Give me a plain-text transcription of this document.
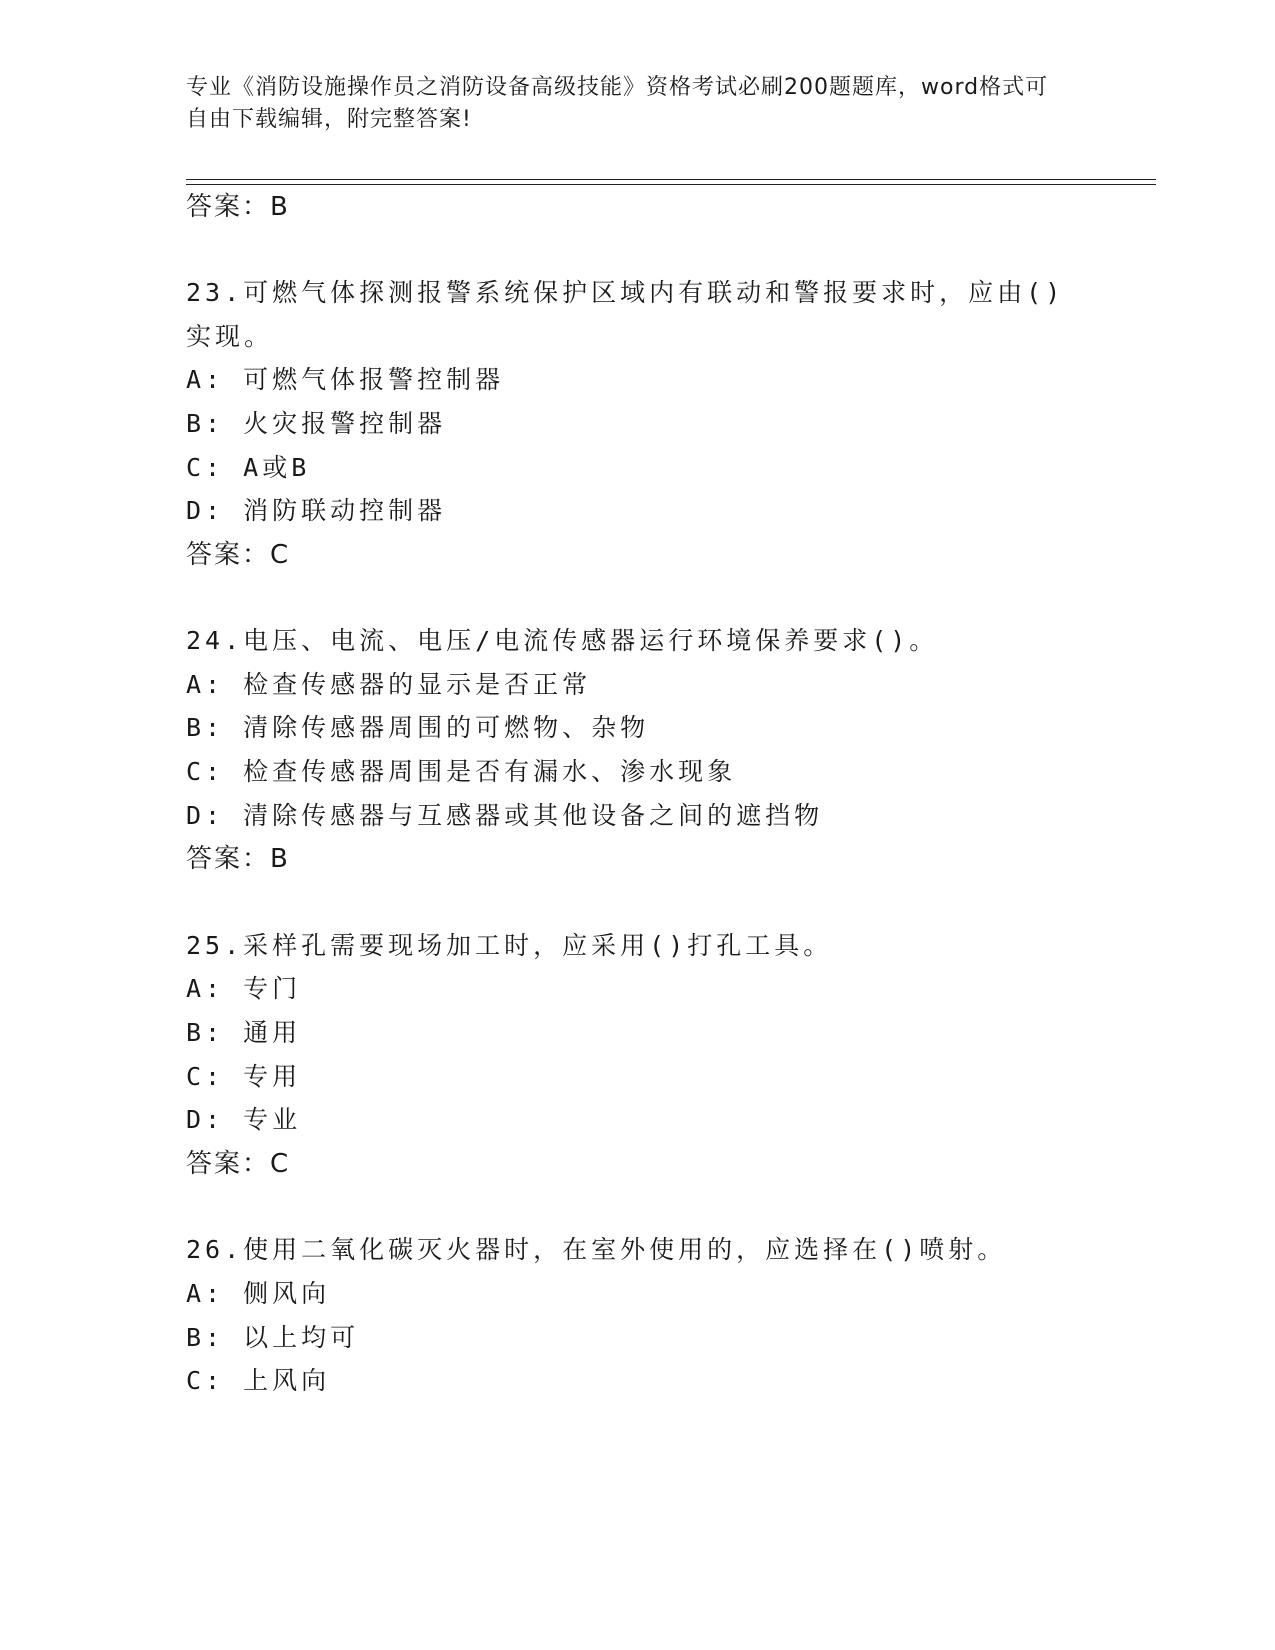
专业《消防设施操作员之消防设备高级技能》资格考试必刷200题题库，word格式可自由下载编辑，附完整答案!
答案：B
23.可燃气体探测报警系统保护区域内有联动和警报要求时，应由()
实现。
A: 可燃气体报警控制器
B: 火灾报警控制器
C: A或B
D: 消防联动控制器
答案：C
24.电压、电流、电压/电流传感器运行环境保养要求()。
A: 检查传感器的显示是否正常
B: 清除传感器周围的可燃物、杂物
C: 检查传感器周围是否有漏水、渗水现象
D: 清除传感器与互感器或其他设备之间的遮挡物
答案：B
25.采样孔需要现场加工时，应采用()打孔工具。
A: 专门
B: 通用
C: 专用
D: 专业
答案：C
26.使用二氧化碳灭火器时，在室外使用的，应选择在()喷射。
A: 侧风向
B: 以上均可
C: 上风向
